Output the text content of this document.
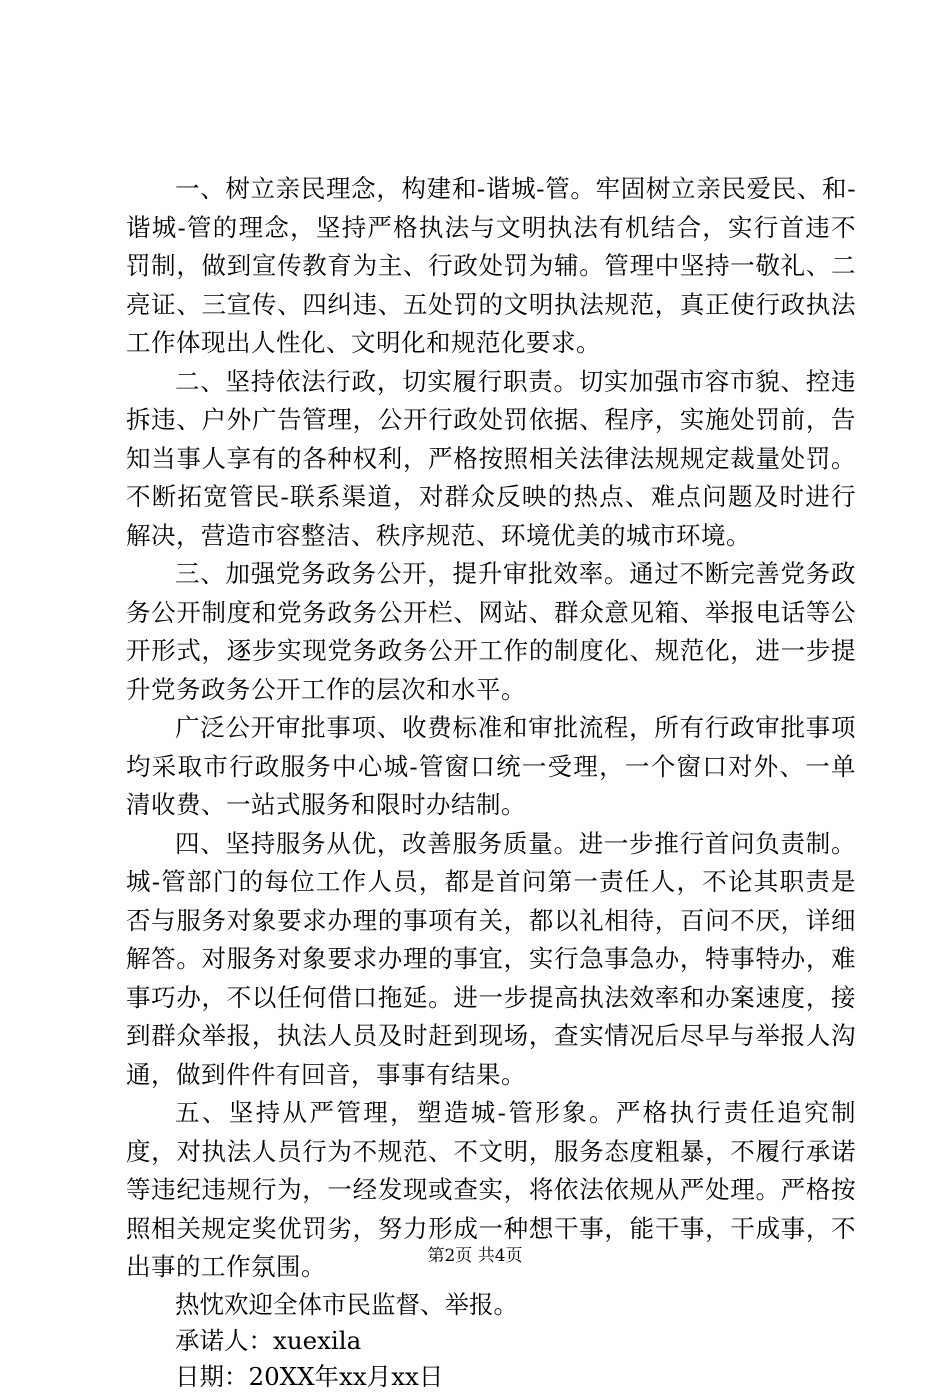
一、树立亲民理念，构建和-谐城-管。牢固树立亲民爱民、和-谐城-管的理念，坚持严格执法与文明执法有机结合，实行首违不罚制，做到宣传教育为主、行政处罚为辅。管理中坚持一敬礼、二亮证、三宣传、四纠违、五处罚的文明执法规范，真正使行政执法工作体现出人性化、文明化和规范化要求。

二、坚持依法行政，切实履行职责。切实加强市容市貌、控违拆违、户外广告管理，公开行政处罚依据、程序，实施处罚前，告知当事人享有的各种权利，严格按照相关法律法规规定裁量处罚。不断拓宽管民-联系渠道，对群众反映的热点、难点问题及时进行解决，营造市容整洁、秩序规范、环境优美的城市环境。

三、加强党务政务公开，提升审批效率。通过不断完善党务政务公开制度和党务政务公开栏、网站、群众意见箱、举报电话等公开形式，逐步实现党务政务公开工作的制度化、规范化，进一步提升党务政务公开工作的层次和水平。

广泛公开审批事项、收费标准和审批流程，所有行政审批事项均采取市行政服务中心城-管窗口统一受理，一个窗口对外、一单清收费、一站式服务和限时办结制。

四、坚持服务从优，改善服务质量。进一步推行首问负责制。城-管部门的每位工作人员，都是首问第一责任人，不论其职责是否与服务对象要求办理的事项有关，都以礼相待，百问不厌，详细解答。对服务对象要求办理的事宜，实行急事急办，特事特办，难事巧办，不以任何借口拖延。进一步提高执法效率和办案速度，接到群众举报，执法人员及时赶到现场，查实情况后尽早与举报人沟通，做到件件有回音，事事有结果。

五、坚持从严管理，塑造城-管形象。严格执行责任追究制度，对执法人员行为不规范、不文明，服务态度粗暴，不履行承诺等违纪违规行为，一经发现或查实，将依法依规从严处理。严格按照相关规定奖优罚劣，努力形成一种想干事，能干事，干成事，不出事的工作氛围。

热忱欢迎全体市民监督、举报。

承诺人：xuexila

日期：20XX年xx月xx日

第2页 共4页
